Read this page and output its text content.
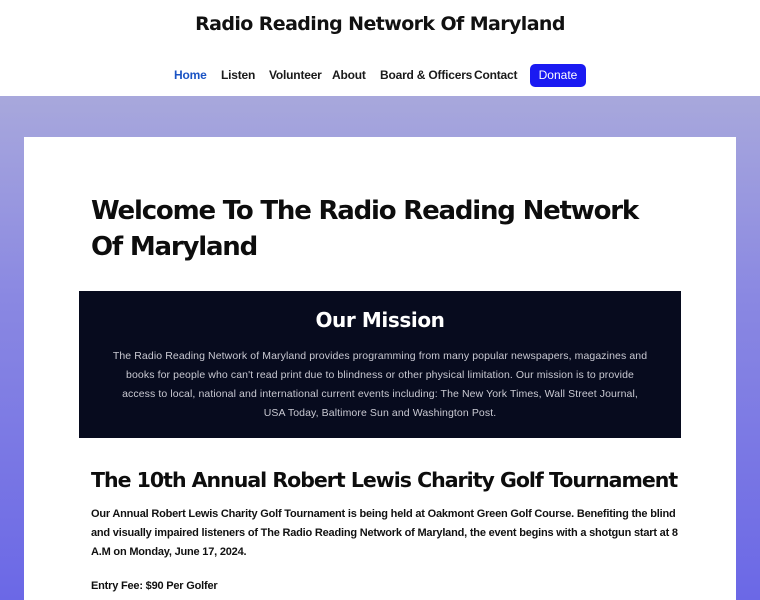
Radio Reading Network Of Maryland
Home Listen Volunteer About Board & Officers Contact	Donate
Welcome To The Radio Reading Network Of Maryland
Our Mission

The Radio Reading Network of Maryland provides programming from many popular newspapers, magazines and books for people who can't read print due to blindness or other physical limitation. Our mission is to provide access to local, national and international current events including: The New York Times, Wall Street Journal, USA Today, Baltimore Sun and Washington Post.

The 10th Annual Robert Lewis Charity Golf Tournament

Our Annual Robert Lewis Charity Golf Tournament is being held at Oakmont Green Golf Course. Benefiting the blind and visually impaired listeners of The Radio Reading Network of Maryland, the event begins with a shotgun start at 8 A.M on Monday, June 17, 2024.

Entry Fee: $90 Per Golfer
